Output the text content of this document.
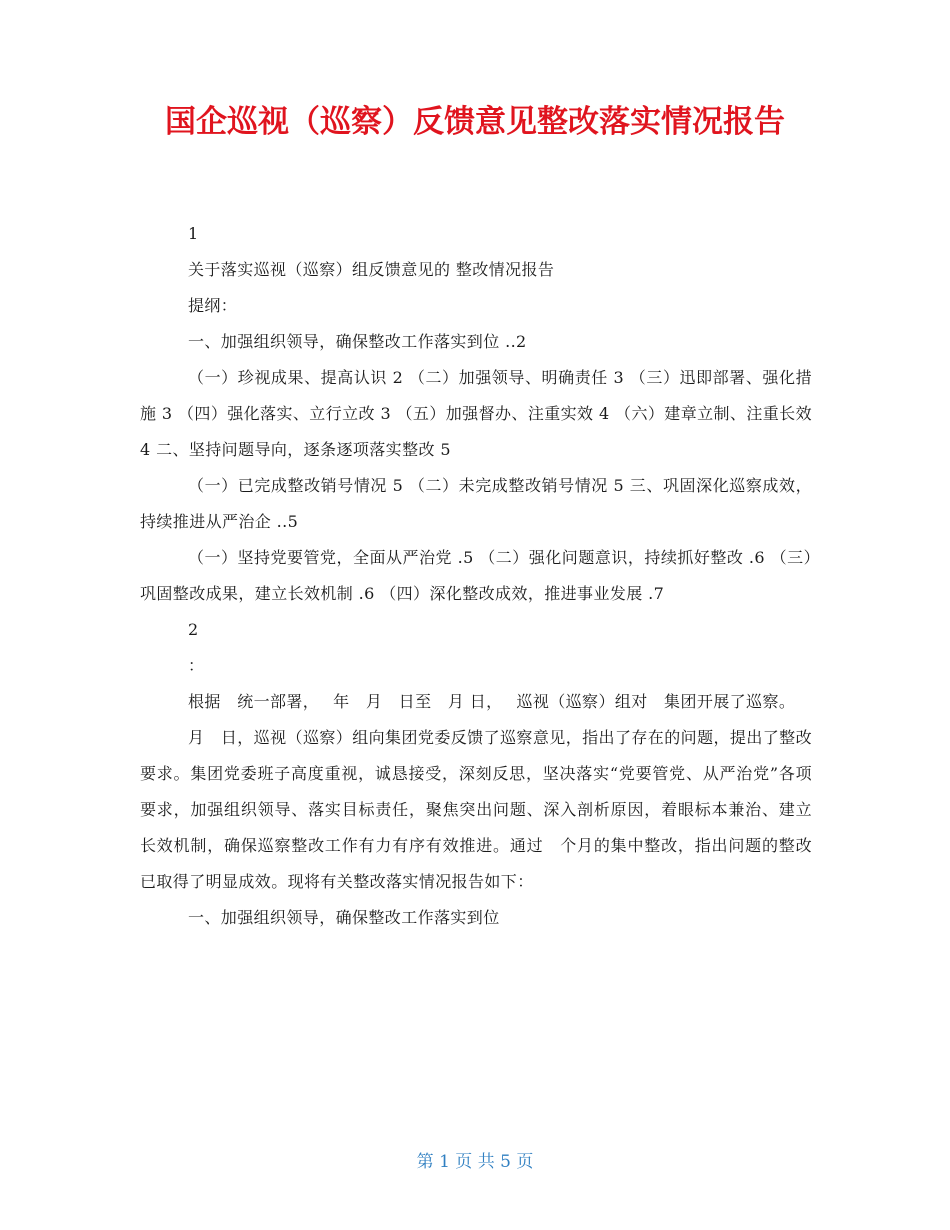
国企巡视（巡察）反馈意见整改落实情况报告

1

关于落实巡视（巡察）组反馈意见的 整改情况报告

提纲：

一、加强组织领导，确保整改工作落实到位 ..2

（一）珍视成果、提高认识 2 （二）加强领导、明确责任 3 （三）迅即部署、强化措施 3 （四）强化落实、立行立改 3 （五）加强督办、注重实效 4 （六）建章立制、注重长效 4 二、坚持问题导向，逐条逐项落实整改 5

（一）已完成整改销号情况 5 （二）未完成整改销号情况 5 三、巩固深化巡察成效，持续推进从严治企 ..5

（一）坚持党要管党，全面从严治党 .5 （二）强化问题意识，持续抓好整改 .6 （三）巩固整改成果，建立长效机制 .6 （四）深化整改成效，推进事业发展 .7

2

：

根据　统一部署，　 年　月　日至　月 日，　 巡视（巡察）组对　集团开展了巡察。

月　日，巡视（巡察）组向集团党委反馈了巡察意见，指出了存在的问题，提出了整改要求。集团党委班子高度重视，诚恳接受，深刻反思，坚决落实“党要管党、从严治党”各项要求，加强组织领导、落实目标责任，聚焦突出问题、深入剖析原因，着眼标本兼治、建立长效机制，确保巡察整改工作有力有序有效推进。通过　个月的集中整改，指出问题的整改已取得了明显成效。现将有关整改落实情况报告如下：

一、加强组织领导，确保整改工作落实到位

第 1 页 共 5 页
